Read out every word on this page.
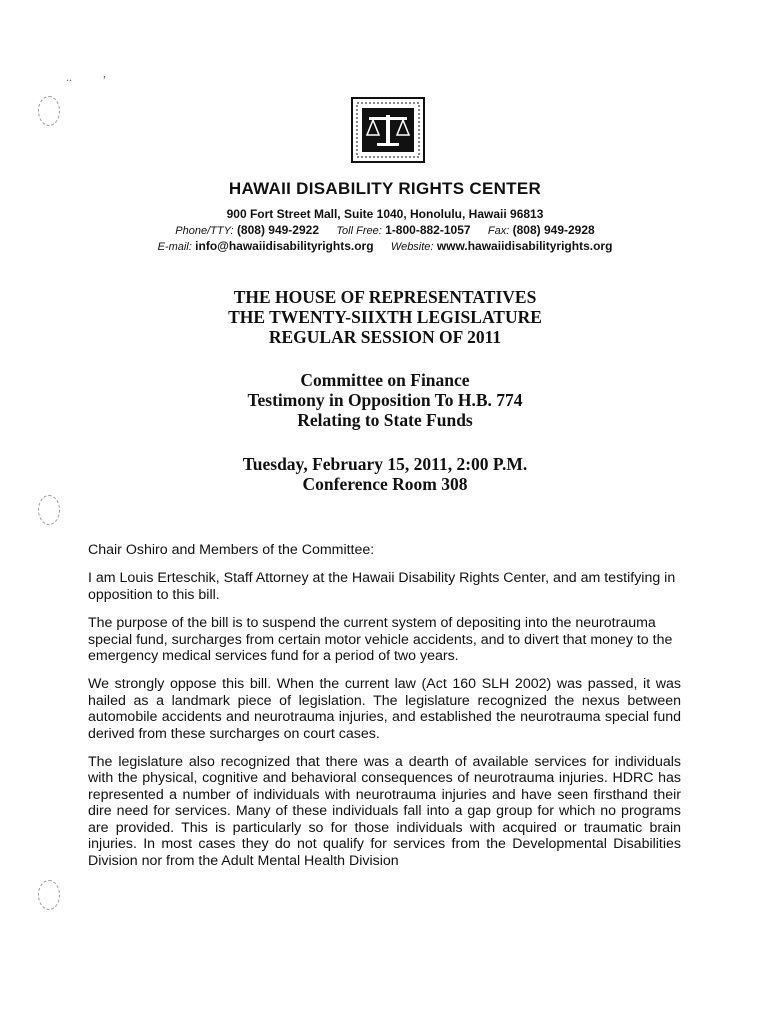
..	,
HAWAII DISABILITY RIGHTS CENTER
900 Fort Street Mall, Suite 1040, Honolulu, Hawaii 96813
Phone/TTY: (808) 949-2922 Toll Free: 1-800-882-1057 Fax: (808) 949-2928
E-mail: info@hawaiidisabilityrights.org Website: www.hawaiidisabilityrights.org
THE HOUSE OF REPRESENTATIVES
THE TWENTY-SIIXTH LEGISLATURE
REGULAR SESSION OF 2011
Committee on Finance
Testimony in Opposition To H.B. 774
Relating to State Funds
Tuesday, February 15, 2011, 2:00 P.M.
Conference Room 308

Chair Oshiro and Members of the Committee:

I am Louis Erteschik, Staff Attorney at the Hawaii Disability Rights Center, and am testifying in opposition to this bill.

The purpose of the bill is to suspend the current system of depositing into the neurotrauma special fund, surcharges from certain motor vehicle accidents, and to divert that money to the emergency medical services fund for a period of two years.

We strongly oppose this bill. When the current law (Act 160 SLH 2002) was passed, it was hailed as a landmark piece of legislation. The legislature recognized the nexus between automobile accidents and neurotrauma injuries, and established the neurotrauma special fund derived from these surcharges on court cases.

The legislature also recognized that there was a dearth of available services for individuals with the physical, cognitive and behavioral consequences of neurotrauma injuries. HDRC has represented a number of individuals with neurotrauma injuries and have seen firsthand their dire need for services. Many of these individuals fall into a gap group for which no programs are provided. This is particularly so for those individuals with acquired or traumatic brain injuries. In most cases they do not qualify for services from the Developmental Disabilities Division nor from the Adult Mental Health Division
